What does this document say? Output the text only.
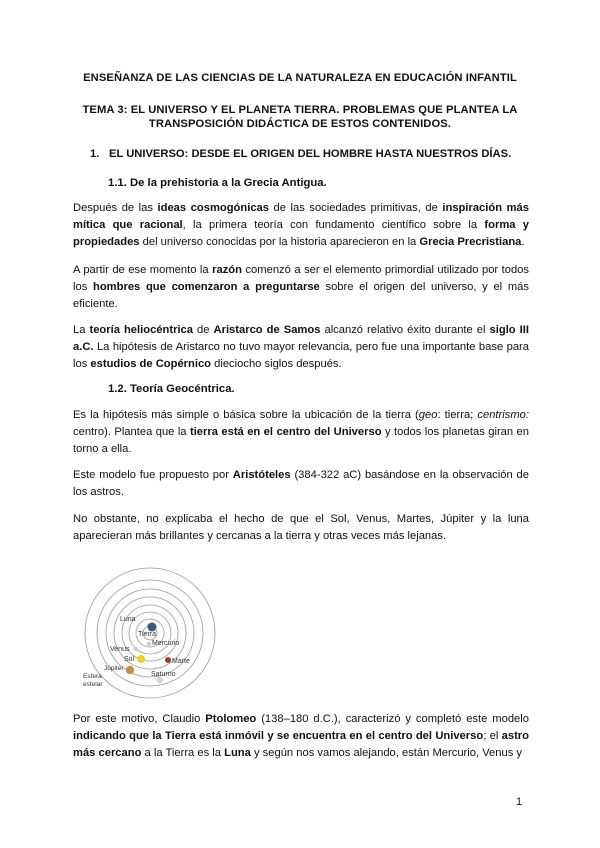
ENSEÑANZA DE LAS CIENCIAS DE LA NATURALEZA EN EDUCACIÓN INFANTIL
TEMA 3: EL UNIVERSO Y EL PLANETA TIERRA. PROBLEMAS QUE PLANTEA LA
TRANSPOSICIÓN DIDÁCTICA DE ESTOS CONTENIDOS.
1. EL UNIVERSO: DESDE EL ORIGEN DEL HOMBRE HASTA NUESTROS DÍAS.
1.1. De la prehistoria a la Grecia Antigua.
Después de las ideas cosmogónicas de las sociedades primitivas, de inspiración más mítica que racional, la primera teoría con fundamento científico sobre la forma y propiedades del universo conocidas por la historia aparecieron en la Grecia Precristiana.
A partir de ese momento la razón comenzó a ser el elemento primordial utilizado por todos los hombres que comenzaron a preguntarse sobre el origen del universo, y el más eficiente.
La teoría heliocéntrica de Aristarco de Samos alcanzó relativo éxito durante el siglo III a.C. La hipótesis de Aristarco no tuvo mayor relevancia, pero fue una importante base para los estudios de Copérnico dieciocho siglos después.
1.2. Teoría Geocéntrica.
Es la hipótesis más simple o básica sobre la ubicación de la tierra (geo: tierra; centrismo: centro). Plantea que la tierra está en el centro del Universo y todos los planetas giran en torno a ella.
Este modelo fue propuesto por Aristóteles (384-322 aC) basándose en la observación de los astros.
No obstante, no explicaba el hecho de que el Sol, Venus, Martes, Júpiter y la luna aparecieran más brillantes y cercanas a la tierra y otras veces más lejanas.
Luna
Tierra
Mercurio
Venus
Sol	Marte
Júpiter
Saturno
Esfera
estelar
Por este motivo, Claudio Ptolomeo (138–180 d.C.), caracterizó y completó este modelo indicando que la Tierra está inmóvil y se encuentra en el centro del Universo; el astro más cercano a la Tierra es la Luna y según nos vamos alejando, están Mercurio, Venus y
1
